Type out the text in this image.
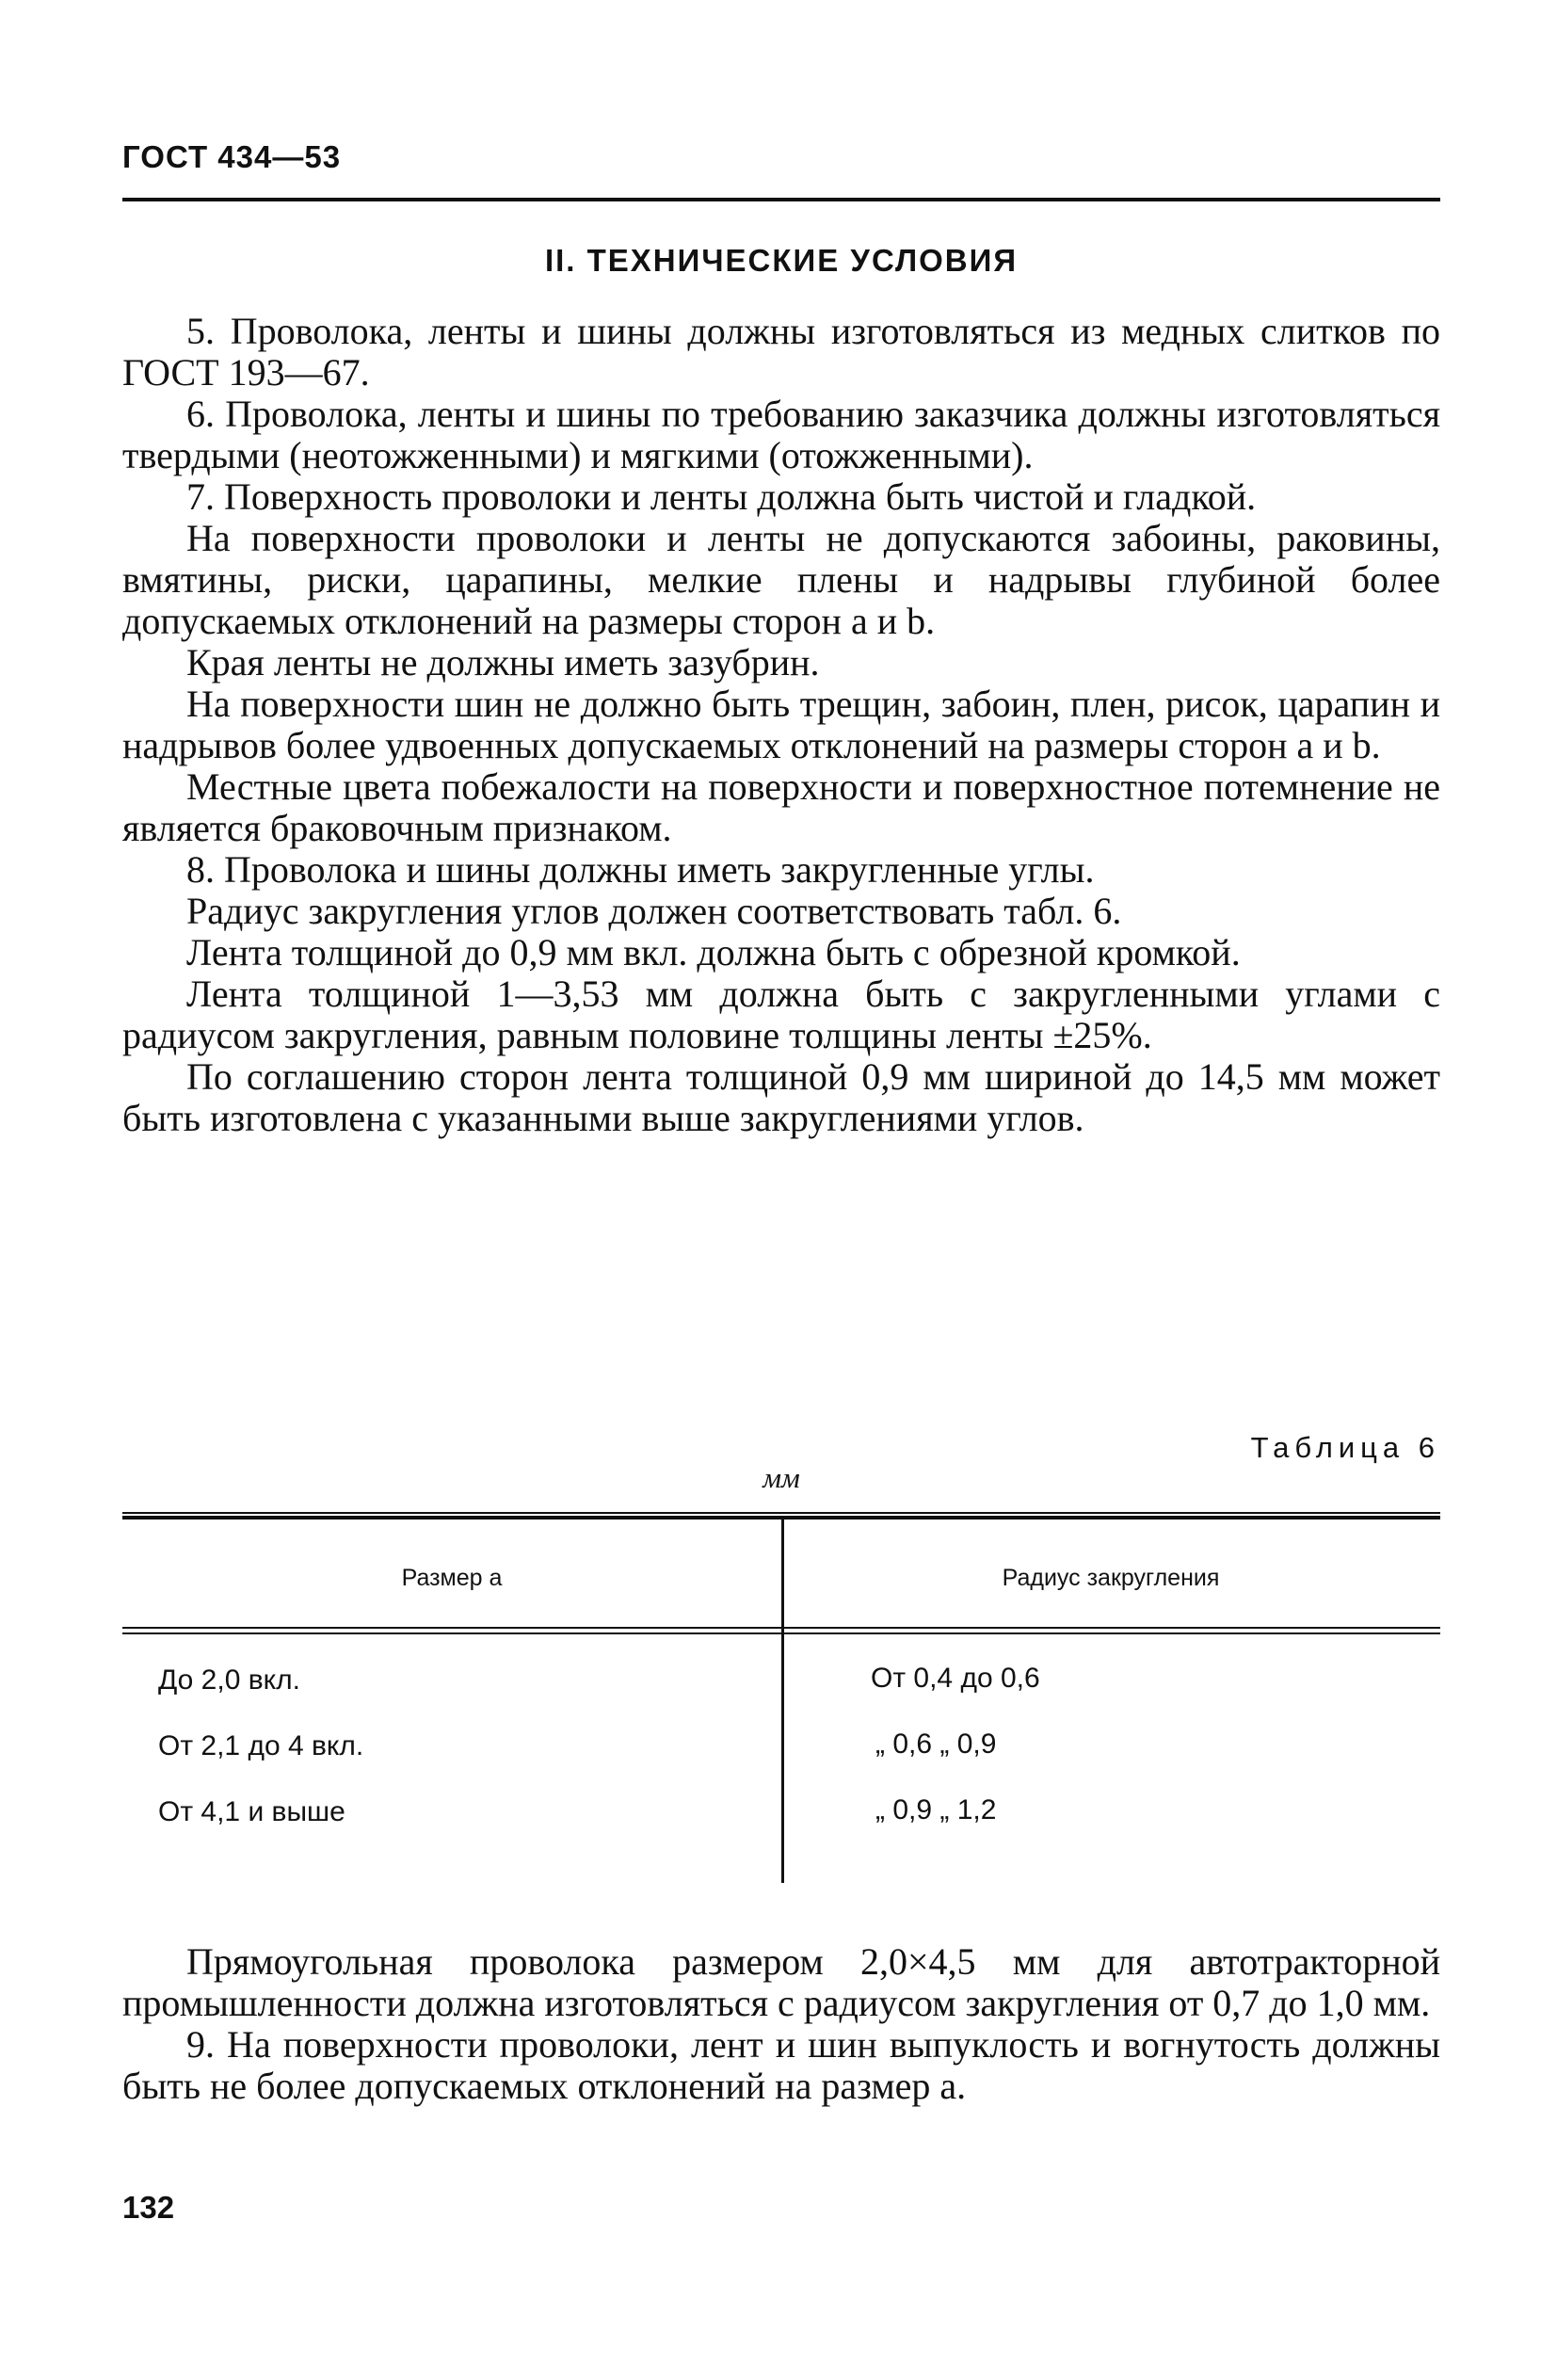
ГОСТ 434—53
II. ТЕХНИЧЕСКИЕ УСЛОВИЯ

5. Проволока, ленты и шины должны изготовляться из медных слитков по ГОСТ 193—67.

6. Проволока, ленты и шины по требованию заказчика должны изготовляться твердыми (неотожженными) и мягкими (отожженными).

7. Поверхность проволоки и ленты должна быть чистой и гладкой.

На поверхности проволоки и ленты не допускаются забоины, раковины, вмятины, риски, царапины, мелкие плены и надрывы глубиной более допускаемых отклонений на размеры сторон a и b.

Края ленты не должны иметь зазубрин.

На поверхности шин не должно быть трещин, забоин, плен, рисок, царапин и надрывов более удвоенных допускаемых отклонений на размеры сторон a и b.

Местные цвета побежалости на поверхности и поверхностное потемнение не является браковочным признаком.

8. Проволока и шины должны иметь закругленные углы.

Радиус закругления углов должен соответствовать табл. 6.

Лента толщиной до 0,9 мм вкл. должна быть с обрезной кромкой.

Лента толщиной 1—3,53 мм должна быть с закругленными углами с радиусом закругления, равным половине толщины ленты ±25%.

По соглашению сторон лента толщиной 0,9 мм шириной до 14,5 мм может быть изготовлена с указанными выше закруглениями углов.

Таблица 6
мм
Размер a	Радиус закругления
До 2,0 вкл.	От 0,4 до 0,6
От 2,1 до 4 вкл.	„ 0,6 „ 0,9
От 4,1 и выше	„ 0,9 „ 1,2

Прямоугольная проволока размером 2,0×4,5 мм для автотракторной промышленности должна изготовляться с радиусом закругления от 0,7 до 1,0 мм.

9. На поверхности проволоки, лент и шин выпуклость и вогнутость должны быть не более допускаемых отклонений на размер a.

132
